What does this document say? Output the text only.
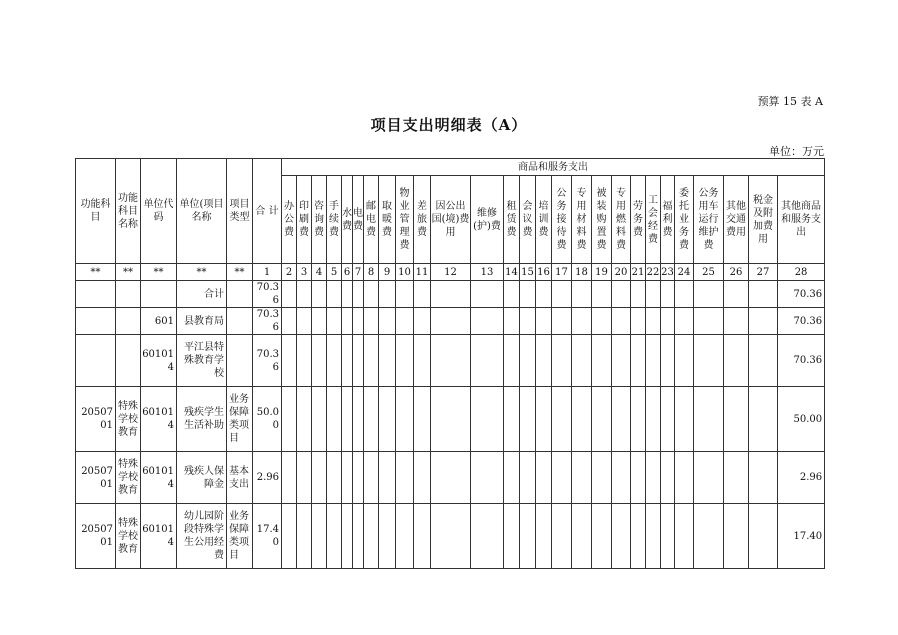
预算 15 表 A
项目支出明细表（A）
单位：万元
功能科目	功能科目名称	单位代码	单位(项目名称	项目类型	合 计	商品和服务支出																										
						办公费	印刷费	咨询费	手续费	水费	电费	邮电费	取暖费	物业管理费	差旅费	因公出国(境)费用	维修(护)费	租赁费	会议费	培训费	公务接待费	专用材料费	被装购置费	专用燃料费	劳务费	工会经费	福利费	委托业务费	公务用车运行维护费	其他交通费用	税金及附加费用	其他商品和服务支出
**	**	**	**	**	1	2	3	4	5	6	7	8	9	10	11	12	13	14	15	16	17	18	19	20	21	22	23	24	25	26	27	28
			合计		70.36																											70.36
		601	县教育局		70.36																											70.36
		601014	平江县特殊教育学校		70.36																											70.36
2050701	特殊学校教育	601014	残疾学生生活补助	业务保障类项目	50.00																											50.00
2050701	特殊学校教育	601014	残疾人保障金	基本支出	2.96																											2.96
2050701	特殊学校教育	601014	幼儿园阶段特殊学生公用经费	业务保障类项目	17.40																											17.40
